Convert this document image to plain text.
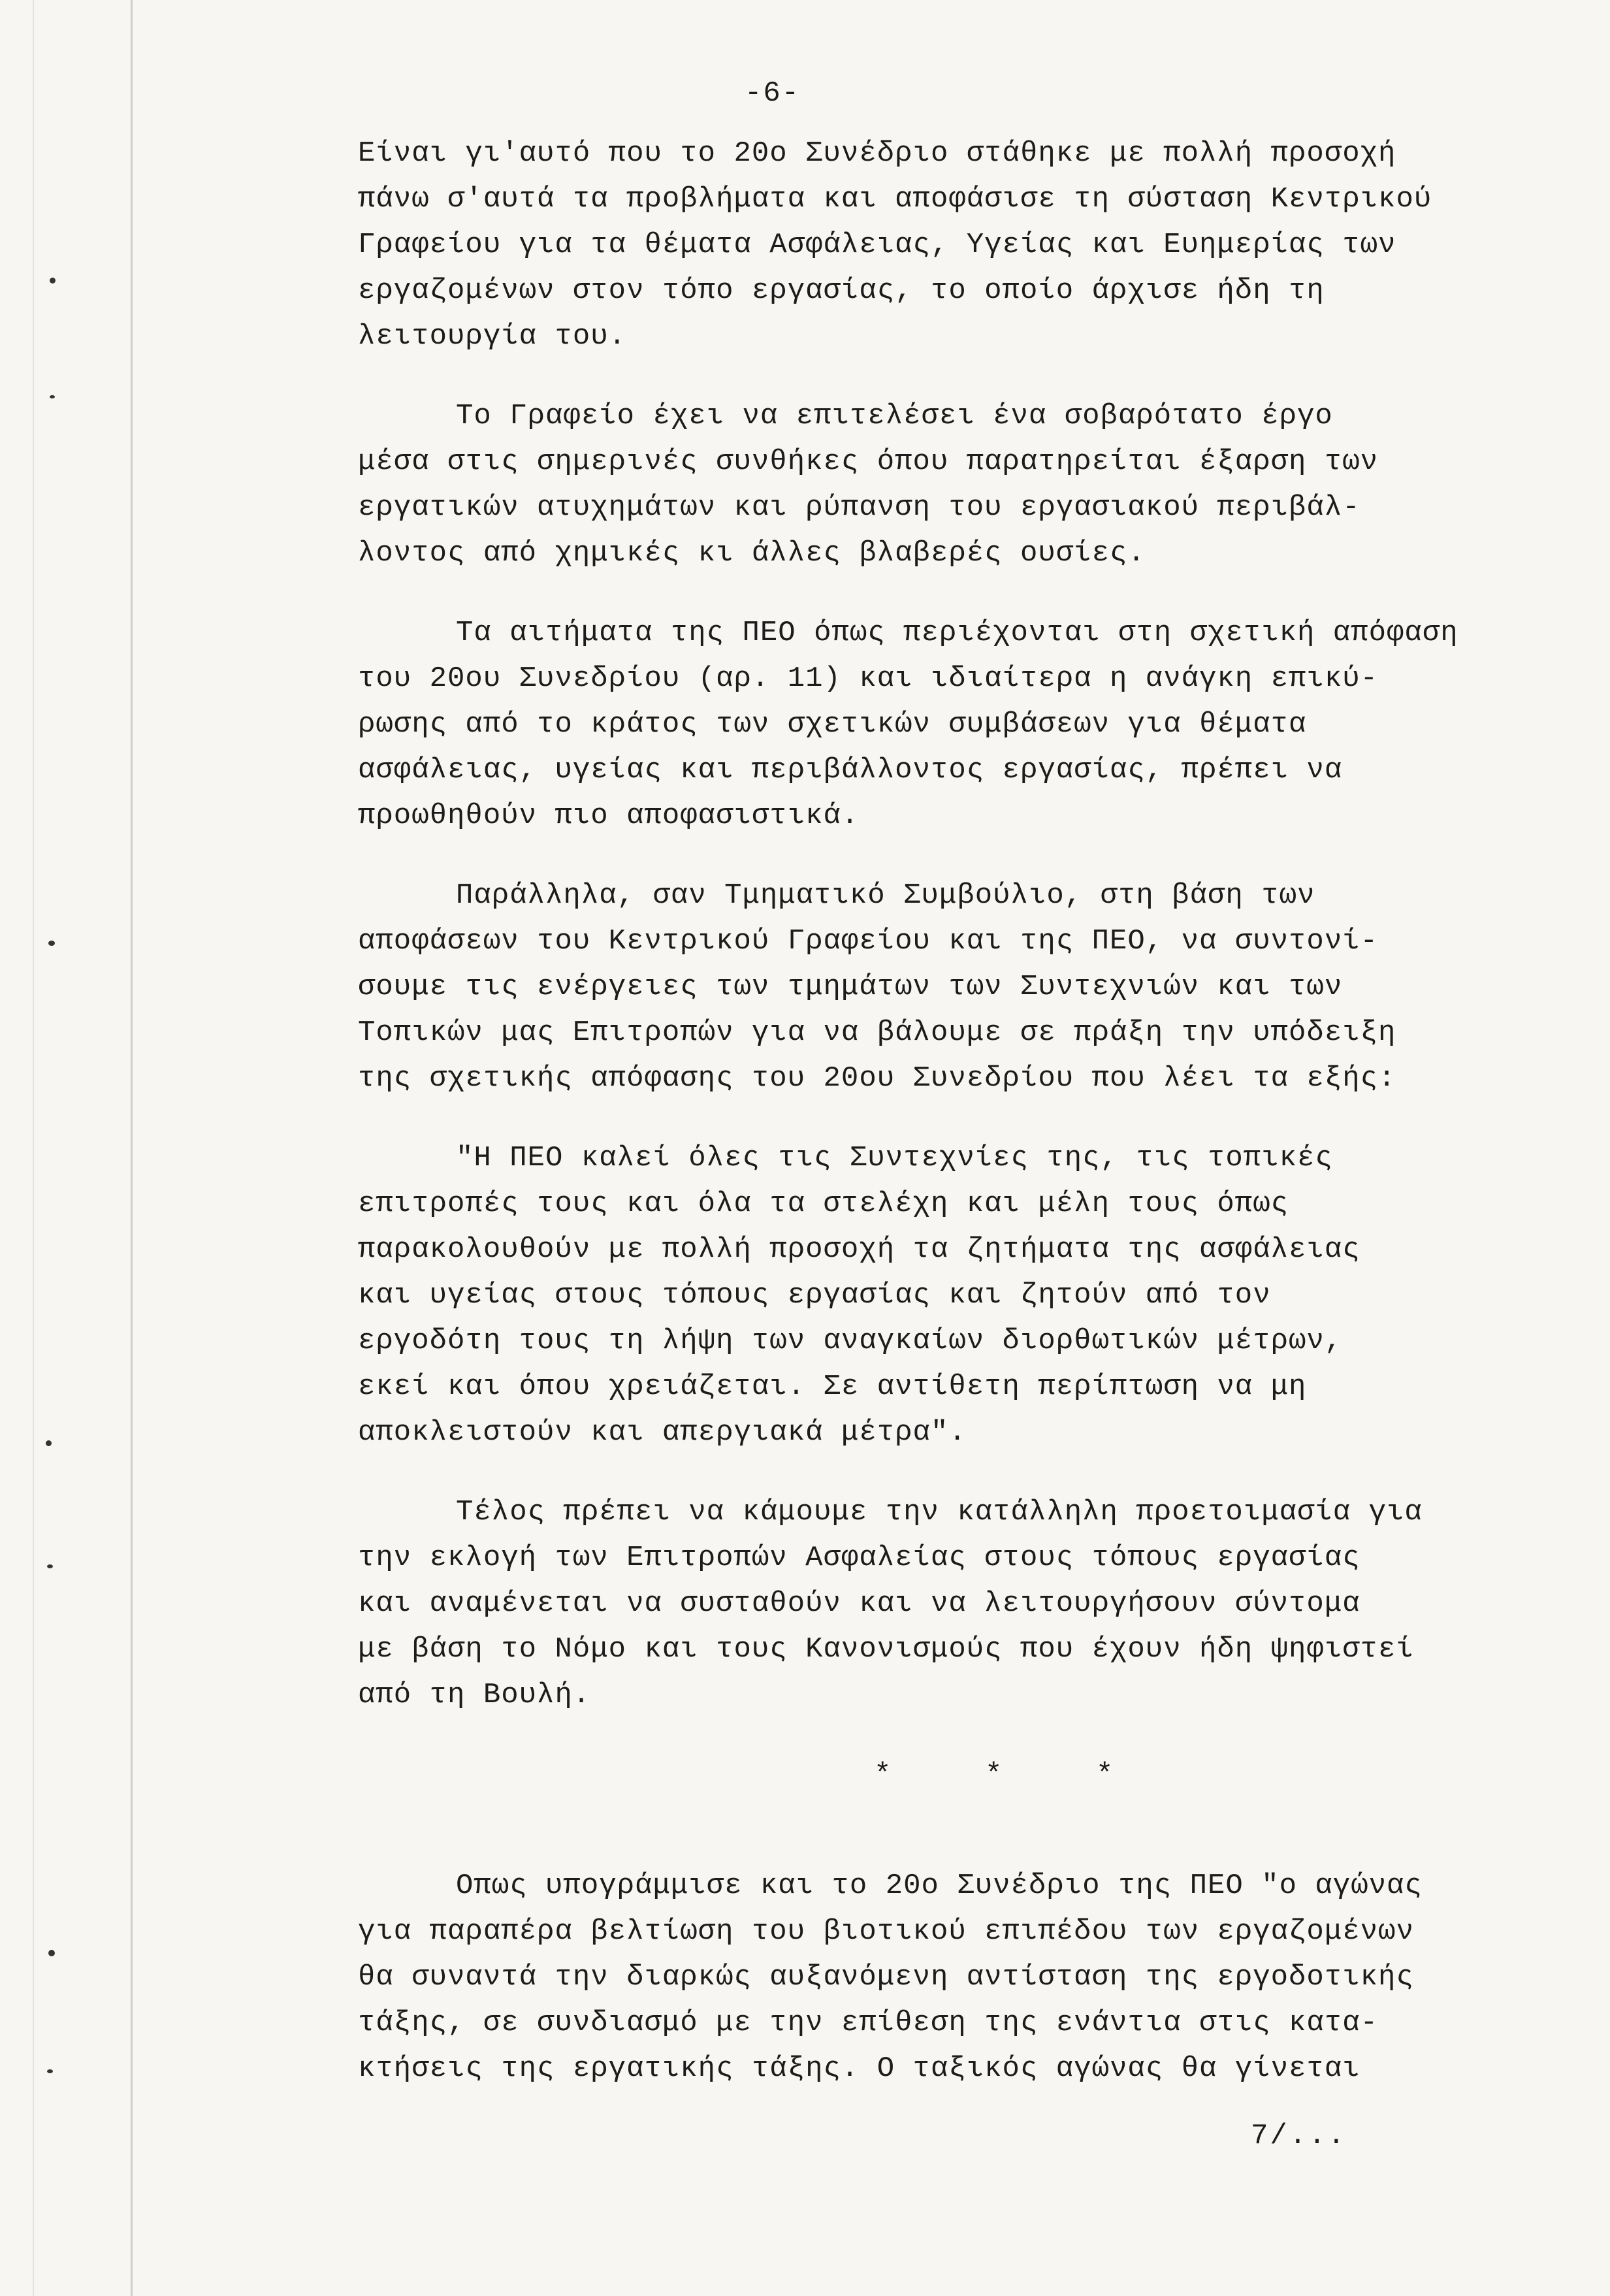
-6-
Είναι γι'αυτό που το 20ο Συνέδριο στάθηκε με πολλή προσοχή
πάνω σ'αυτά τα προβλήματα και αποφάσισε τη σύσταση Κεντρικού
Γραφείου για τα θέματα Ασφάλειας, Υγείας και Ευημερίας των
εργαζομένων στον τόπο εργασίας, το οποίο άρχισε ήδη τη
λειτουργία του.
Το Γραφείο έχει να επιτελέσει ένα σοβαρότατο έργο
μέσα στις σημερινές συνθήκες όπου παρατηρείται έξαρση των
εργατικών ατυχημάτων και ρύπανση του εργασιακού περιβάλ-
λοντος από χημικές κι άλλες βλαβερές ουσίες.
Τα αιτήματα της ΠΕΟ όπως περιέχονται στη σχετική απόφαση
του 20ου Συνεδρίου (αρ. 11) και ιδιαίτερα η ανάγκη επικύ-
ρωσης από το κράτος των σχετικών συμβάσεων για θέματα
ασφάλειας, υγείας και περιβάλλοντος εργασίας, πρέπει να
προωθηθούν πιο αποφασιστικά.
Παράλληλα, σαν Τμηματικό Συμβούλιο, στη βάση των
αποφάσεων του Κεντρικού Γραφείου και της ΠΕΟ, να συντονί-
σουμε τις ενέργειες των τμημάτων των Συντεχνιών και των
Τοπικών μας Επιτροπών για να βάλουμε σε πράξη την υπόδειξη
της σχετικής απόφασης του 20ου Συνεδρίου που λέει τα εξής:
"Η ΠΕΟ καλεί όλες τις Συντεχνίες της, τις τοπικές
επιτροπές τους και όλα τα στελέχη και μέλη τους όπως
παρακολουθούν με πολλή προσοχή τα ζητήματα της ασφάλειας
και υγείας στους τόπους εργασίας και ζητούν από τον
εργοδότη τους τη λήψη των αναγκαίων διορθωτικών μέτρων,
εκεί και όπου χρειάζεται. Σε αντίθετη περίπτωση να μη
αποκλειστούν και απεργιακά μέτρα".
Τέλος πρέπει να κάμουμε την κατάλληλη προετοιμασία για
την εκλογή των Επιτροπών Ασφαλείας στους τόπους εργασίας
και αναμένεται να συσταθούν και να λειτουργήσουν σύντομα
με βάση το Νόμο και τους Κανονισμούς που έχουν ήδη ψηφιστεί
από τη Βουλή.
*	*	*
Οπως υπογράμμισε και το 20ο Συνέδριο της ΠΕΟ "ο αγώνας
για παραπέρα βελτίωση του βιοτικού επιπέδου των εργαζομένων
θα συναντά την διαρκώς αυξανόμενη αντίσταση της εργοδοτικής
τάξης, σε συνδιασμό με την επίθεση της ενάντια στις κατα-
κτήσεις της εργατικής τάξης. Ο ταξικός αγώνας θα γίνεται
7/...
